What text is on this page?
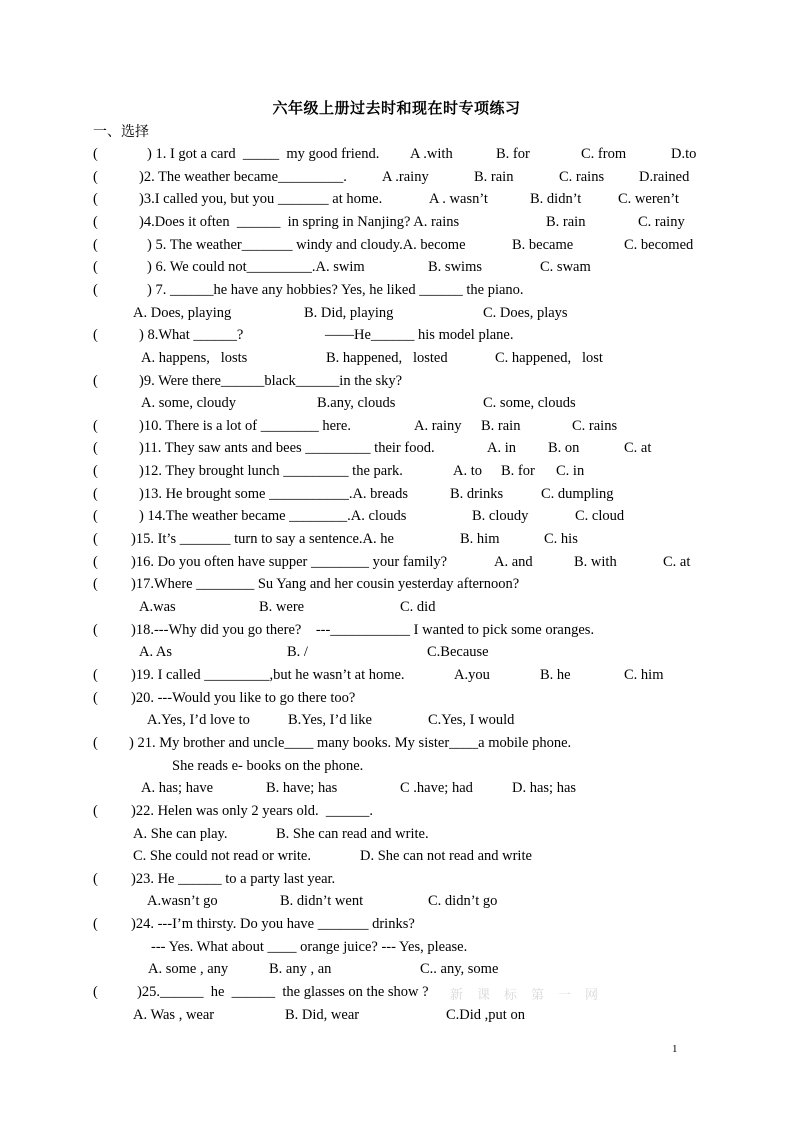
六年级上册过去时和现在时专项练习
一、选择
(	) 1. I got a card  _____  my good friend. A .with	B. for	C. from	D.to
(	)2. The weather became_________. A .rainy	B. rain	C. rains D.rained
(	)3.I called you, but you _______ at home.	A . wasn’t	B. didn’t	C. weren’t
(	)4.Does it often  ______  in spring in Nanjing? A. rains	B. rain	C. rainy
(	) 5. The weather_______ windy and cloudy.A. become	B. became	C. becomed
(	) 6. We could not_________.A. swim	B. swims	C. swam
(	) 7. ______he have any hobbies? Yes, he liked ______ the piano.
A. Does, playing	B. Did, playing	C. Does, plays
(	) 8.What ______?	——He______ his model plane.
A. happens,   losts	B. happened,   losted	C. happened,   lost
(	)9. Were there______black______in the sky?
A. some, cloudy	B.any, clouds	C. some, clouds
(	)10. There is a lot of ________ here.	A. rainy B. rain	C. rains
(	)11. They saw ants and bees _________ their food.	A. in B. on	C. at
(	)12. They brought lunch _________ the park.	A. to B. for C. in
(	)13. He brought some ___________.A. breads	B. drinks	C. dumpling
(	) 14.The weather became ________.A. clouds	B. cloudy	C. cloud
( )15. It’s _______ turn to say a sentence.A. he	B. him	C. his
( )16. Do you often have supper ________ your family?	A. and	B. with	C. at
( )17.Where ________ Su Yang and her cousin yesterday afternoon?
A.was	B. were	C. did
( )18.---Why did you go there?    ---___________ I wanted to pick some oranges.
A. As	B. /	C.Because
( )19. I called _________,but he wasn’t at home.	A.you	B. he	C. him
( )20. ---Would you like to go there too?
A.Yes, I’d love to	B.Yes, I’d like	C.Yes, I would
( ) 21. My brother and uncle____ many books. My sister____a mobile phone.
She reads e- books on the phone.
A. has; have	B. have; has	C .have; had	D. has; has
( )22. Helen was only 2 years old.  ______.
A. She can play.	B. She can read and write.
C. She could not read or write.	D. She can not read and write
( )23. He ______ to a party last year.
A.wasn’t go	B. didn’t went	C. didn’t go
( )24. ---I’m thirsty. Do you have _______ drinks?
--- Yes. What about ____ orange juice? --- Yes, please.
A. some , any	B. any , an	C.. any, some
(	)25.______  he  ______  the glasses on the show ?
A. Was , wear	B. Did, wear	C.Did ,put on
新课标第一网
1
